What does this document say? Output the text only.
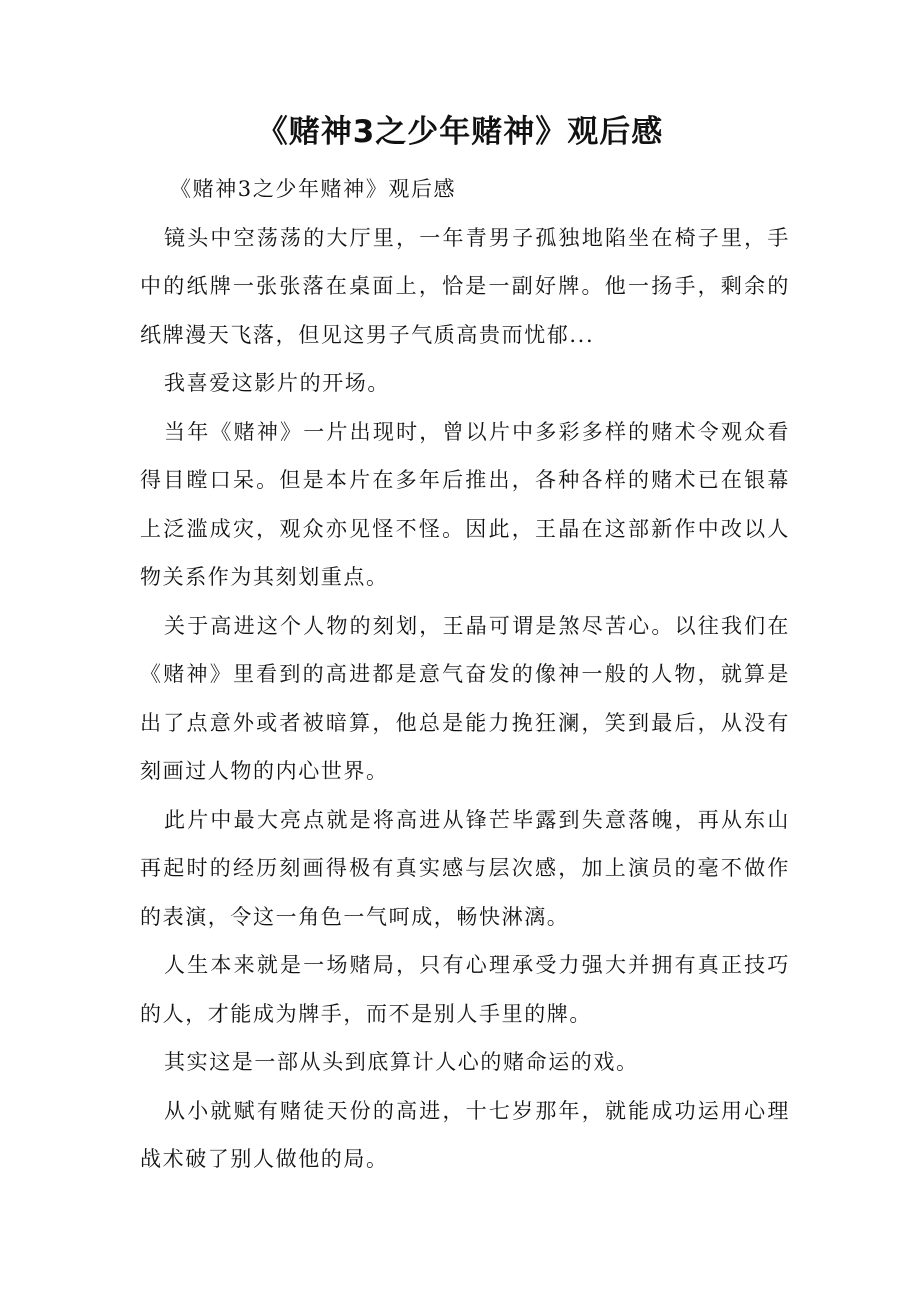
《赌神3之少年赌神》观后感

《赌神3之少年赌神》观后感

镜头中空荡荡的大厅里，一年青男子孤独地陷坐在椅子里，手中的纸牌一张张落在桌面上，恰是一副好牌。他一扬手，剩余的纸牌漫天飞落，但见这男子气质高贵而忧郁...

我喜爱这影片的开场。

当年《赌神》一片出现时，曾以片中多彩多样的赌术令观众看得目瞠口呆。但是本片在多年后推出，各种各样的赌术已在银幕上泛滥成灾，观众亦见怪不怪。因此，王晶在这部新作中改以人物关系作为其刻划重点。

关于高进这个人物的刻划，王晶可谓是煞尽苦心。以往我们在《赌神》里看到的高进都是意气奋发的像神一般的人物，就算是出了点意外或者被暗算，他总是能力挽狂澜，笑到最后，从没有刻画过人物的内心世界。

此片中最大亮点就是将高进从锋芒毕露到失意落魄，再从东山再起时的经历刻画得极有真实感与层次感，加上演员的毫不做作的表演，令这一角色一气呵成，畅快淋漓。

人生本来就是一场赌局，只有心理承受力强大并拥有真正技巧的人，才能成为牌手，而不是别人手里的牌。

其实这是一部从头到底算计人心的赌命运的戏。

从小就赋有赌徒天份的高进，十七岁那年，就能成功运用心理战术破了别人做他的局。
